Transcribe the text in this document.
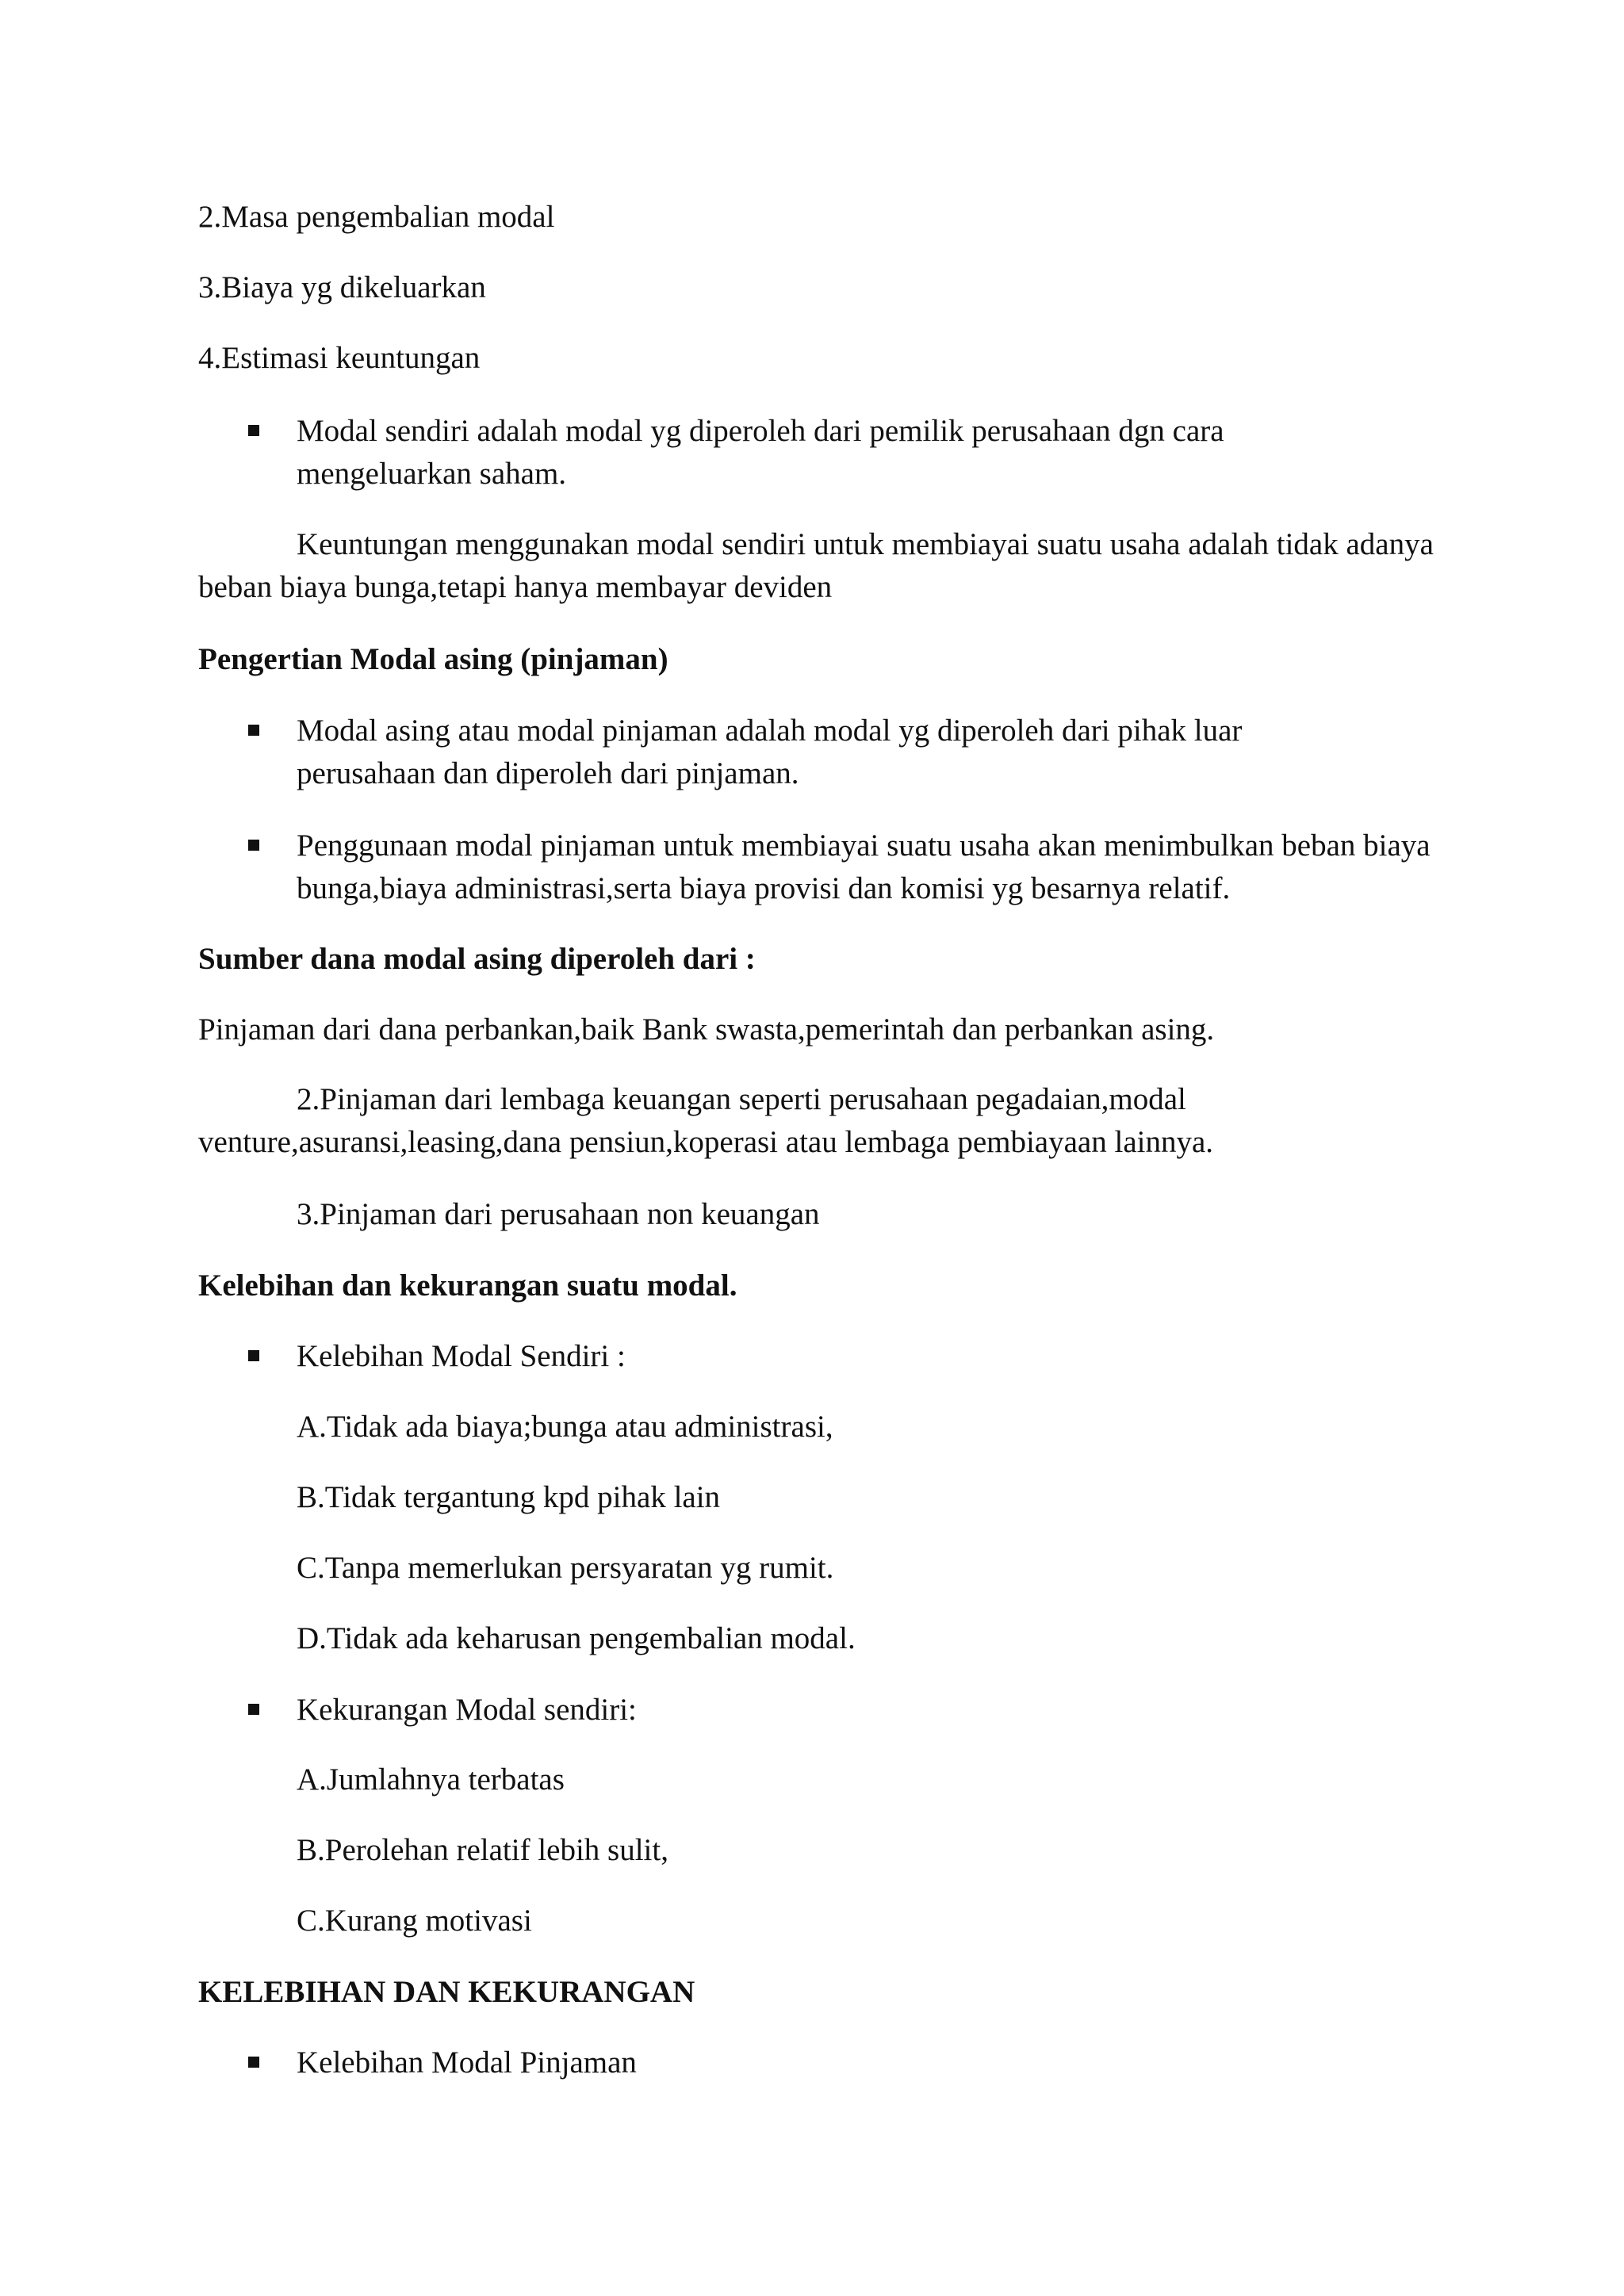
2.Masa pengembalian modal

3.Biaya yg dikeluarkan

4.Estimasi keuntungan

Modal sendiri adalah modal yg diperoleh dari pemilik perusahaan dgn cara mengeluarkan saham.

Keuntungan menggunakan modal sendiri untuk membiayai suatu usaha adalah tidak adanya beban biaya bunga,tetapi hanya membayar deviden

Pengertian Modal asing (pinjaman)

Modal asing atau modal pinjaman adalah modal yg diperoleh dari pihak luar perusahaan dan diperoleh dari pinjaman.
Penggunaan modal pinjaman untuk membiayai suatu usaha akan menimbulkan beban biaya bunga,biaya administrasi,serta biaya provisi dan komisi yg besarnya relatif.

Sumber dana modal asing diperoleh dari :

Pinjaman dari dana perbankan,baik Bank swasta,pemerintah dan perbankan asing.

2.Pinjaman dari lembaga keuangan seperti perusahaan pegadaian,modal venture,asuransi,leasing,dana pensiun,koperasi atau lembaga pembiayaan lainnya.

3.Pinjaman dari perusahaan non keuangan

Kelebihan dan kekurangan suatu modal.

Kelebihan Modal Sendiri :

A.Tidak ada biaya;bunga atau administrasi,

B.Tidak tergantung kpd pihak lain

C.Tanpa memerlukan persyaratan yg rumit.

D.Tidak ada keharusan pengembalian modal.

Kekurangan Modal sendiri:

A.Jumlahnya terbatas

B.Perolehan relatif lebih sulit,

C.Kurang motivasi

KELEBIHAN DAN KEKURANGAN

Kelebihan Modal Pinjaman
